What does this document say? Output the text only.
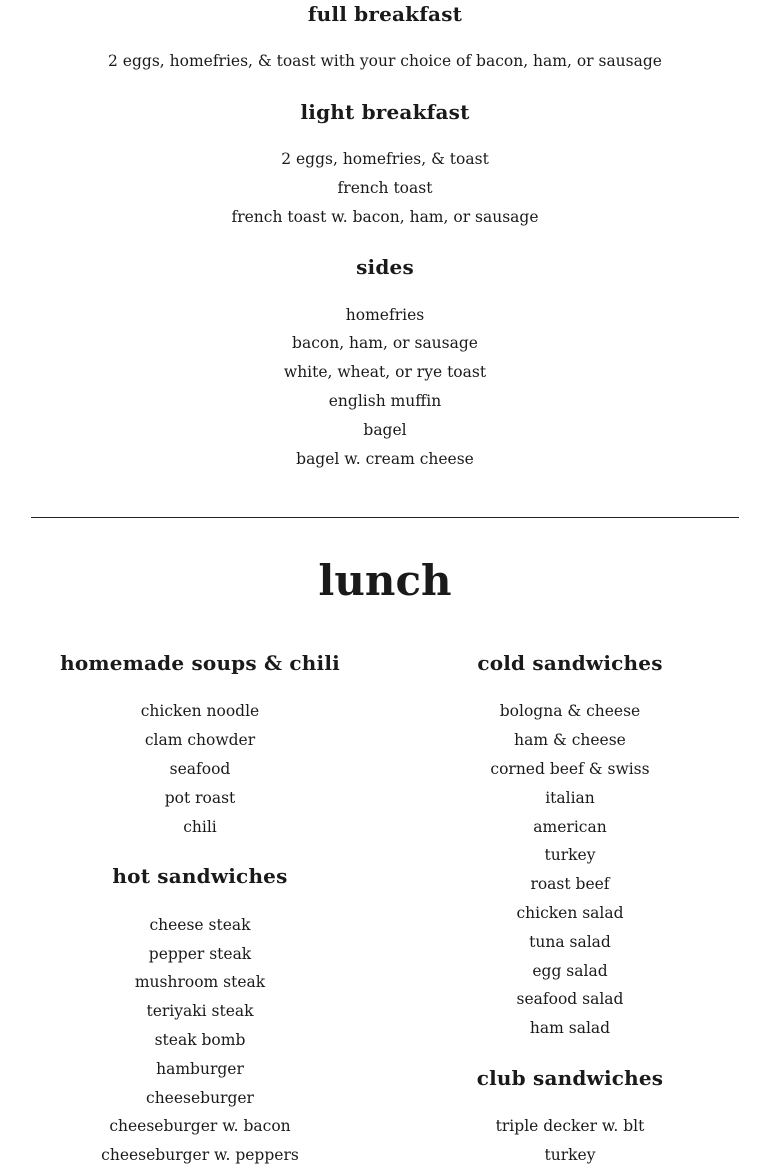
full breakfast
2 eggs, homefries, & toast with your choice of bacon, ham, or sausage
light breakfast
2 eggs, homefries, & toast
french toast
french toast w. bacon, ham, or sausage
sides
homefries
bacon, ham, or sausage
white, wheat, or rye toast
english muffin
bagel
bagel w. cream cheese
lunch
homemade soups & chili
chicken noodle
clam chowder
seafood
pot roast
chili
hot sandwiches
cheese steak
pepper steak
mushroom steak
teriyaki steak
steak bomb
hamburger
cheeseburger
cheeseburger w. bacon
cheeseburger w. peppers
cold sandwiches
bologna & cheese
ham & cheese
corned beef & swiss
italian
american
turkey
roast beef
chicken salad
tuna salad
egg salad
seafood salad
ham salad
club sandwiches
triple decker w. blt
turkey
